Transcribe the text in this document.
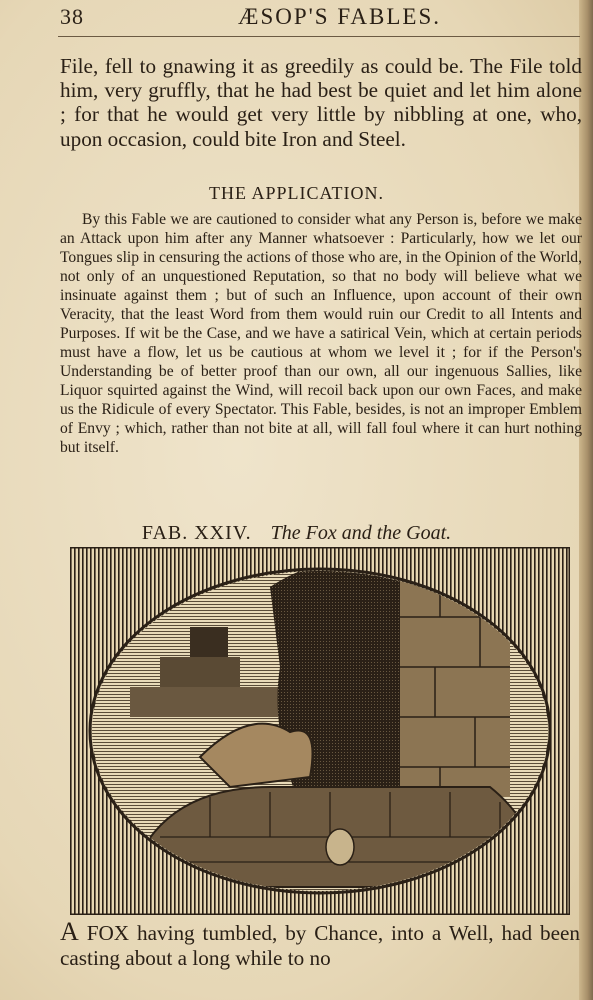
38	ÆSOP'S FABLES.
File, fell to gnawing it as greedily as could be. The File told him, very gruffly, that he had best be quiet and let him alone ; for that he would get very little by nibbling at one, who, upon occasion, could bite Iron and Steel.
THE APPLICATION.
By this Fable we are cautioned to consider what any Person is, before we make an Attack upon him after any Manner whatsoever : Particularly, how we let our Tongues slip in censuring the actions of those who are, in the Opinion of the World, not only of an unquestioned Reputation, so that no body will believe what we insinuate against them ; but of such an Influence, upon account of their own Veracity, that the least Word from them would ruin our Credit to all Intents and Purposes. If wit be the Case, and we have a satirical Vein, which at certain periods must have a flow, let us be cautious at whom we level it ; for if the Person's Understanding be of better proof than our own, all our ingenuous Sallies, like Liquor squirted against the Wind, will recoil back upon our own Faces, and make us the Ridicule of every Spectator. This Fable, besides, is not an improper Emblem of Envy ; which, rather than not bite at all, will fall foul where it can hurt nothing but itself.
FAB. XXIV. The Fox and the Goat.
A FOX having tumbled, by Chance, into a Well, had been casting about a long while to no
